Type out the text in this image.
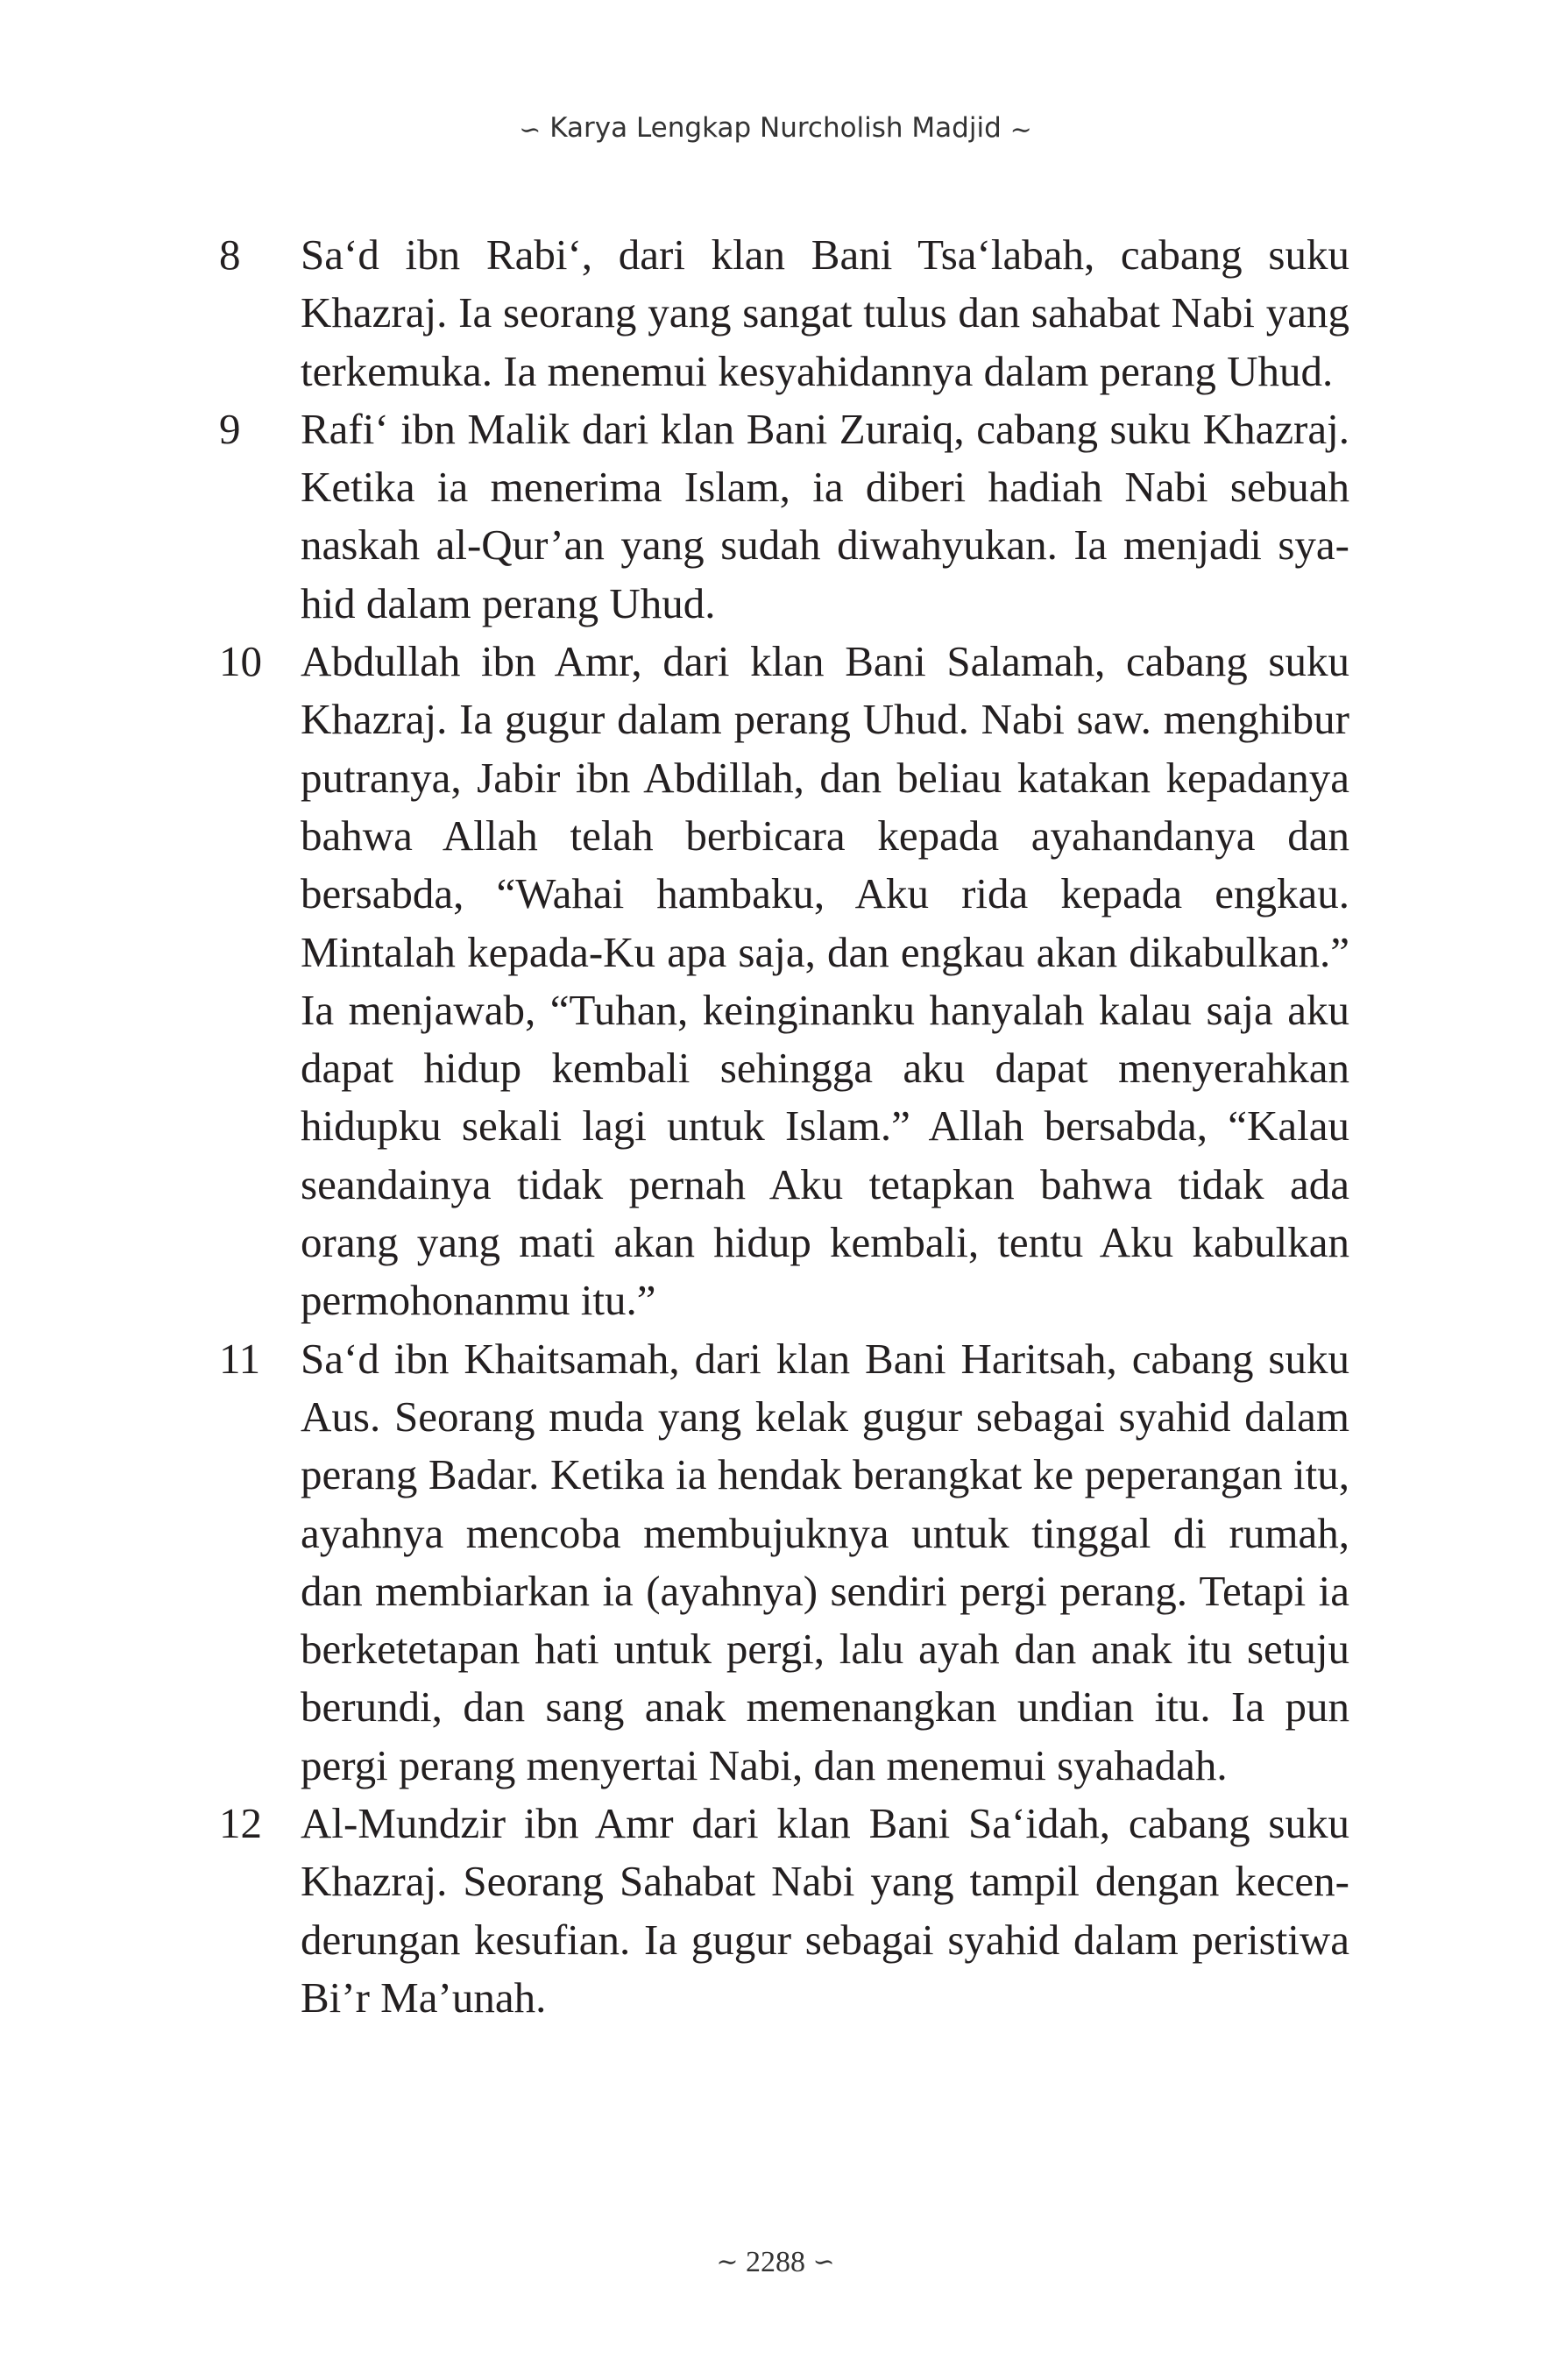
∽ Karya Lengkap Nurcholish Madjid ∼
8	Sa‘d ibn Rabi‘, dari klan Bani Tsa‘labah, cabang suku Khazraj. Ia seorang yang sangat tulus dan sahabat Nabi yang terkemuka. Ia menemui kesyahidannya dalam perang Uhud.

9	Rafi‘ ibn Malik dari klan Bani Zuraiq, cabang suku Khazraj. Ketika ia menerima Islam, ia diberi hadiah Nabi sebuah naskah al-Qur’an yang sudah diwahyukan. Ia menjadi syahid dalam perang Uhud.

10 Abdullah ibn Amr, dari klan Bani Salamah, cabang suku Khazraj. Ia gugur dalam perang Uhud. Nabi saw. menghibur putranya, Jabir ibn Abdillah, dan beliau katakan kepadanya bahwa Allah telah berbicara kepada ayahandanya dan bersabda, “Wahai hambaku, Aku rida kepada engkau. Mintalah kepada-Ku apa saja, dan engkau akan dikabulkan.” Ia menjawab, “Tuhan, keinginanku hanyalah kalau saja aku dapat hidup kembali sehingga aku dapat menyerahkan hidupku sekali lagi untuk Islam.” Allah bersabda, “Kalau seandainya tidak pernah Aku tetapkan bahwa tidak ada orang yang mati akan hidup kembali, tentu Aku kabulkan permohonanmu itu.”

11 Sa‘d ibn Khaitsamah, dari klan Bani Haritsah, cabang suku Aus. Seorang muda yang kelak gugur sebagai syahid dalam perang Badar. Ketika ia hendak berangkat ke peperangan itu, ayahnya mencoba membujuknya untuk tinggal di rumah, dan membiarkan ia (ayahnya) sendiri pergi perang. Tetapi ia berketetapan hati untuk pergi, lalu ayah dan anak itu setuju berundi, dan sang anak memenangkan undian itu. Ia pun pergi perang menyertai Nabi, dan menemui syahadah.

12 Al-Mundzir ibn Amr dari klan Bani Sa‘idah, cabang suku Khazraj. Seorang Sahabat Nabi yang tampil dengan kecenderungan kesufian. Ia gugur sebagai syahid dalam peristiwa Bi’r Ma’unah.

∼ 2288 ∽
